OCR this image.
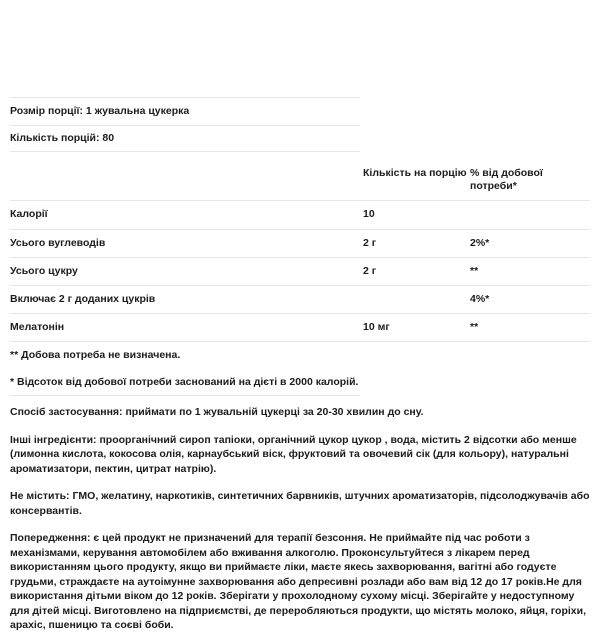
Розмір порції: 1 жувальна цукерка
Кількість порцій: 80
	Кількість на порцію	% від добової потреби*
Калорії	10	
Усього вуглеводів	2 г	2%*
Усього цукру	2 г	**
Включає 2 г доданих цукрів		4%*
Мелатонін	10 мг	**
** Добова потреба не визначена.
* Відсоток від добової потреби заснований на дієті в 2000 калорій.

Спосіб застосування: приймати по 1 жувальній цукерці за 20-30 хвилин до сну.

Інші інгредієнти: проорганічний сироп тапіоки, органічний цукор цукор , вода, містить 2 відсотки або менше (лимонна кислота, кокосова олія, карнаубський віск, фруктовий та овочевий сік (для кольору), натуральні ароматизатори, пектин, цитрат натрію).

Не містить: ГМО, желатину, наркотиків, синтетичних барвників, штучних ароматизаторів, підсолоджувачів або консервантів.

Попередження: є цей продукт не призначений для терапії безсоння. Не приймайте під час роботи з механізмами, керування автомобілем або вживання алкоголю. Проконсультуйтеся з лікарем перед використанням цього продукту, якщо ви приймаєте ліки, маєте якесь захворювання, вагітні або годуєте грудьми, страждаєте на аутоімунне захворювання або депресивні розлади або вам від 12 до 17 років.Не для використання дітьми віком до 12 років. Зберігати у прохолодному сухому місці. Зберігайте у недоступному для дітей місці. Виготовлено на підприємстві, де переробляються продукти, що містять молоко, яйця, горіхи, арахіс, пшеницю та соєві боби.
